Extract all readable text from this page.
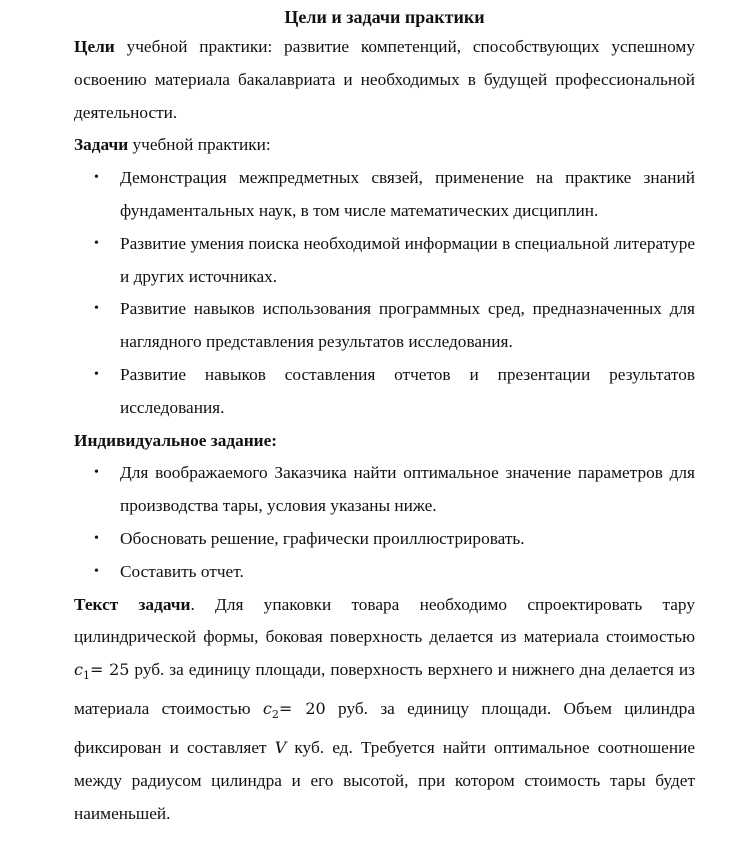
Цели и задачи практики

Цели учебной практики: развитие компетенций, способствующих успешному освоению материала бакалавриата и необходимых в будущей профессиональной деятельности.

Задачи учебной практики:

• Демонстрация межпредметных связей, применение на практике знаний фундаментальных наук, в том числе математических дисциплин.
• Развитие умения поиска необходимой информации в специальной литературе и других источниках.
• Развитие навыков использования программных сред, предназначенных для наглядного представления результатов исследования.
• Развитие навыков составления отчетов и презентации результатов исследования.

Индивидуальное задание:

• Для воображаемого Заказчика найти оптимальное значение параметров для производства тары, условия указаны ниже.
• Обосновать решение, графически проиллюстрировать.
• Составить отчет.

Текст задачи. Для упаковки товара необходимо спроектировать тару цилиндрической формы, боковая поверхность делается из материала стоимостью $c_1= 25$ руб. за единицу площади, поверхность верхнего и нижнего дна делается из материала стоимостью $c_2= 20$ руб. за единицу площади. Объем цилиндра фиксирован и составляет V куб. ед. Требуется найти оптимальное соотношение между радиусом цилиндра и его высотой, при котором стоимость тары будет наименьшей.
